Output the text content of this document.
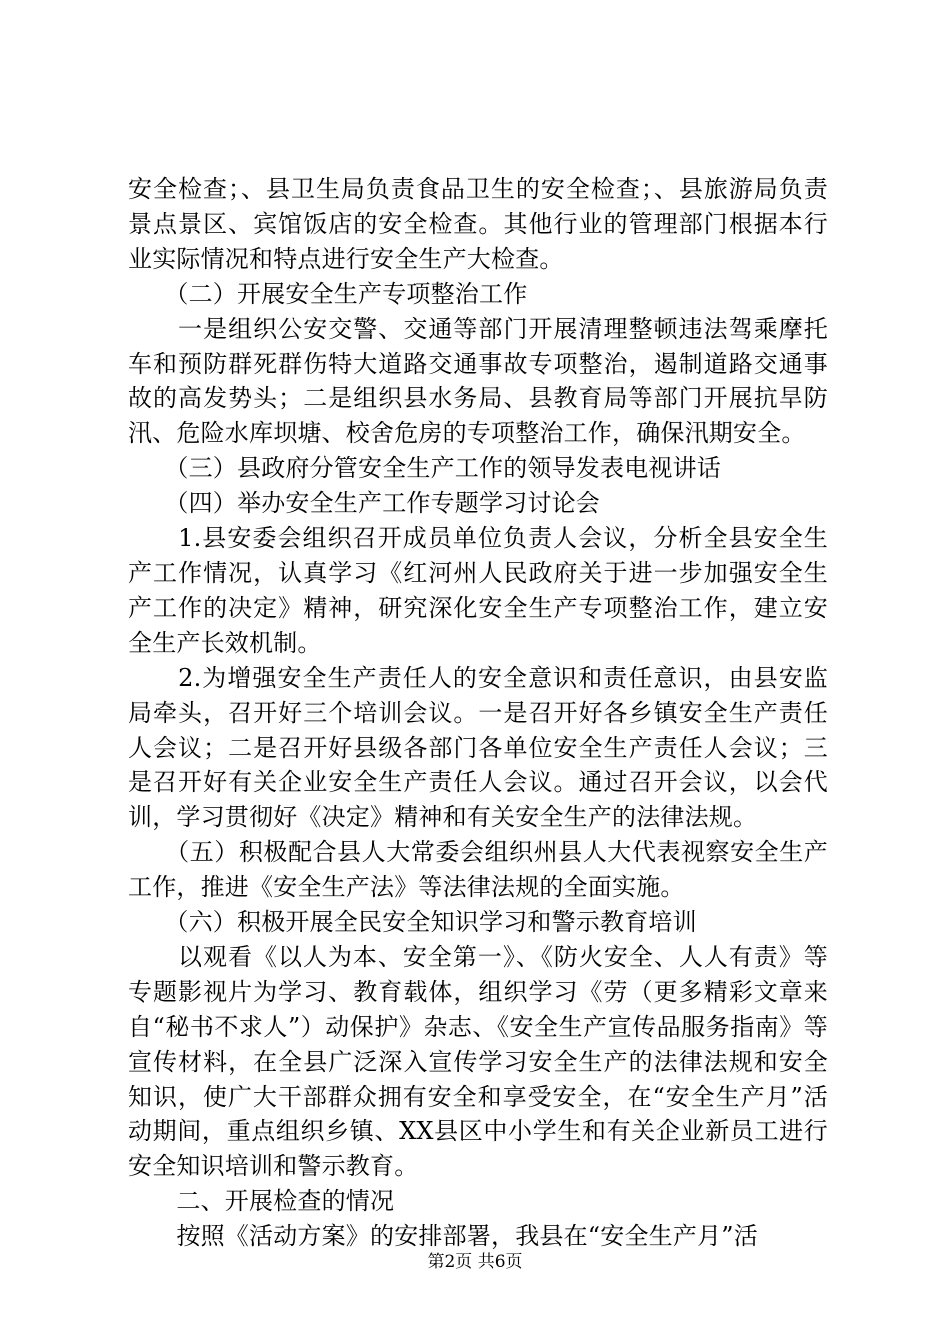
安全检查；、县卫生局负责食品卫生的安全检查；、县旅游局负责景点景区、宾馆饭店的安全检查。其他行业的管理部门根据本行业实际情况和特点进行安全生产大检查。

　　（二）开展安全生产专项整治工作

　　一是组织公安交警、交通等部门开展清理整顿违法驾乘摩托车和预防群死群伤特大道路交通事故专项整治，遏制道路交通事故的高发势头；二是组织县水务局、县教育局等部门开展抗旱防汛、危险水库坝塘、校舍危房的专项整治工作，确保汛期安全。

　　（三）县政府分管安全生产工作的领导发表电视讲话

　　（四）举办安全生产工作专题学习讨论会

　　1.县安委会组织召开成员单位负责人会议，分析全县安全生产工作情况，认真学习《红河州人民政府关于进一步加强安全生产工作的决定》精神，研究深化安全生产专项整治工作，建立安全生产长效机制。

　　2.为增强安全生产责任人的安全意识和责任意识，由县安监局牵头，召开好三个培训会议。一是召开好各乡镇安全生产责任人会议；二是召开好县级各部门各单位安全生产责任人会议；三是召开好有关企业安全生产责任人会议。通过召开会议，以会代训，学习贯彻好《决定》精神和有关安全生产的法律法规。

　　（五）积极配合县人大常委会组织州县人大代表视察安全生产工作，推进《安全生产法》等法律法规的全面实施。

　　（六）积极开展全民安全知识学习和警示教育培训

　　以观看《以人为本、安全第一》、《防火安全、人人有责》等专题影视片为学习、教育载体，组织学习《劳（更多精彩文章来自“秘书不求人”）动保护》杂志、《安全生产宣传品服务指南》等宣传材料，在全县广泛深入宣传学习安全生产的法律法规和安全知识，使广大干部群众拥有安全和享受安全，在“安全生产月”活动期间，重点组织乡镇、XX县区中小学生和有关企业新员工进行安全知识培训和警示教育。

　　二、开展检查的情况

　　按照《活动方案》的安排部署，我县在“安全生产月”活

第2页 共6页
